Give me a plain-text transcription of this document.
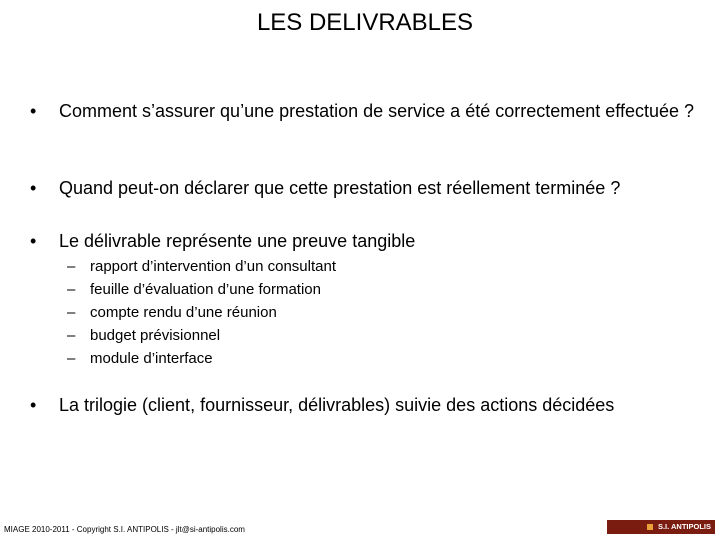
LES DELIVRABLES
•	Comment s’assurer qu’une prestation de service a été correctement effectuée ?
•	Quand peut-on déclarer que cette prestation est réellement terminée ?
•	Le délivrable représente une preuve tangible
– rapport d’intervention d’un consultant
– feuille d’évaluation d’une formation
– compte rendu d’une réunion
– budget prévisionnel
– module d’interface
•	La trilogie (client, fournisseur, délivrables) suivie des actions décidées
MIAGE 2010-2011 - Copyright S.I. ANTIPOLIS - jlt@si-antipolis.com	S.I. ANTIPOLIS
